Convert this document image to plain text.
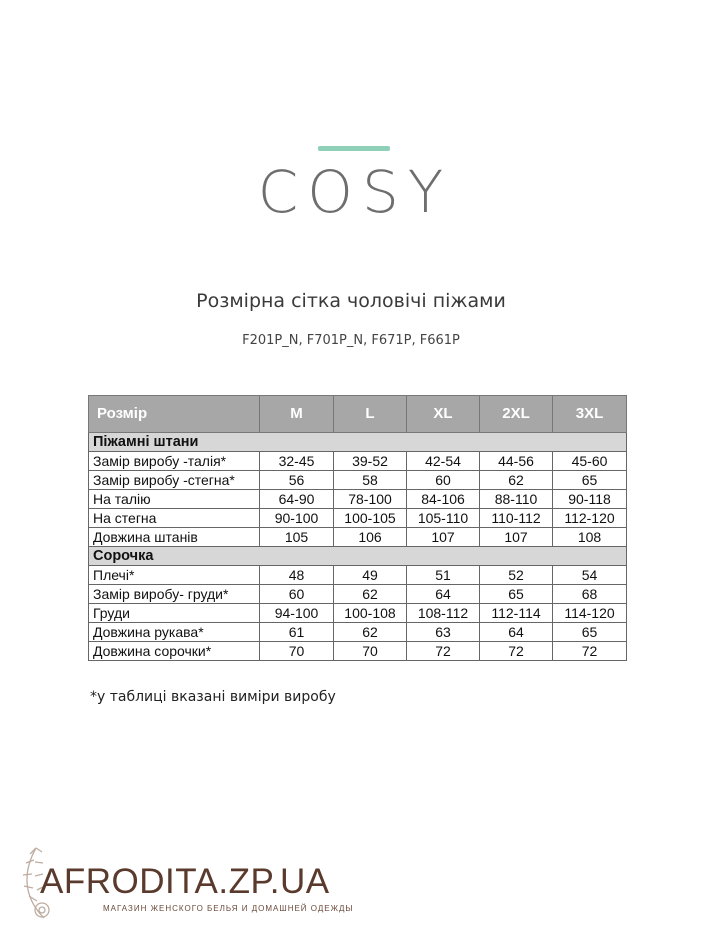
COSY
Розмірна сітка чоловічі піжами
F201P_N, F701P_N, F671P, F661P
Розмір	M	L	XL	2XL	3XL
Піжамні штани					
Замір виробу -талія*	32-45	39-52	42-54	44-56	45-60
Замір виробу -стегна*	56	58	60	62	65
На талію	64-90	78-100	84-106	88-110	90-118
На стегна	90-100	100-105	105-110	110-112	112-120
Довжина штанів	105	106	107	107	108
Сорочка					
Плечі*	48	49	51	52	54
Замір виробу- груди*	60	62	64	65	68
Груди	94-100	100-108	108-112	112-114	114-120
Довжина рукава*	61	62	63	64	65
Довжина сорочки*	70	70	72	72	72
*у таблиці вказані виміри виробу
AFRODITA.ZP.UA
МАГАЗИН ЖЕНСКОГО БЕЛЬЯ И ДОМАШНЕЙ ОДЕЖДЫ
